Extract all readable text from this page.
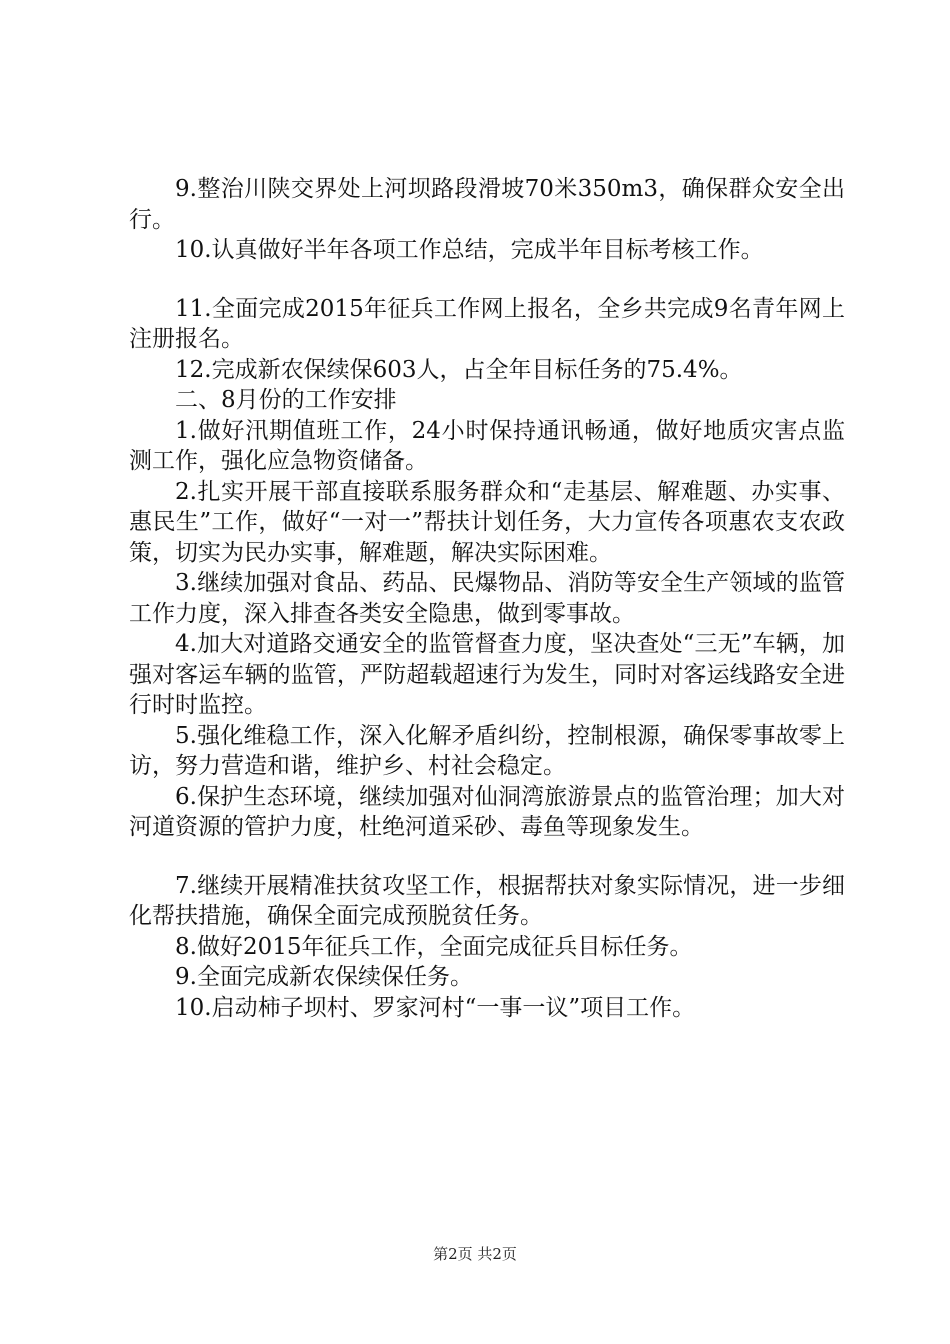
9.整治川陕交界处上河坝路段滑坡70米350m3，确保群众安全出行。

10.认真做好半年各项工作总结，完成半年目标考核工作。

11.全面完成2015年征兵工作网上报名，全乡共完成9名青年网上注册报名。

12.完成新农保续保603人，占全年目标任务的75.4%。

二、8月份的工作安排

1.做好汛期值班工作，24小时保持通讯畅通，做好地质灾害点监测工作，强化应急物资储备。

2.扎实开展干部直接联系服务群众和“走基层、解难题、办实事、惠民生”工作，做好“一对一”帮扶计划任务，大力宣传各项惠农支农政策，切实为民办实事，解难题，解决实际困难。

3.继续加强对食品、药品、民爆物品、消防等安全生产领域的监管工作力度，深入排查各类安全隐患，做到零事故。

4.加大对道路交通安全的监管督查力度，坚决查处“三无”车辆，加强对客运车辆的监管，严防超载超速行为发生，同时对客运线路安全进行时时监控。

5.强化维稳工作，深入化解矛盾纠纷，控制根源，确保零事故零上访，努力营造和谐，维护乡、村社会稳定。

6.保护生态环境，继续加强对仙洞湾旅游景点的监管治理；加大对河道资源的管护力度，杜绝河道采砂、毒鱼等现象发生。

7.继续开展精准扶贫攻坚工作，根据帮扶对象实际情况，进一步细化帮扶措施，确保全面完成预脱贫任务。

8.做好2015年征兵工作，全面完成征兵目标任务。

9.全面完成新农保续保任务。

10.启动柿子坝村、罗家河村“一事一议”项目工作。

第2页 共2页
